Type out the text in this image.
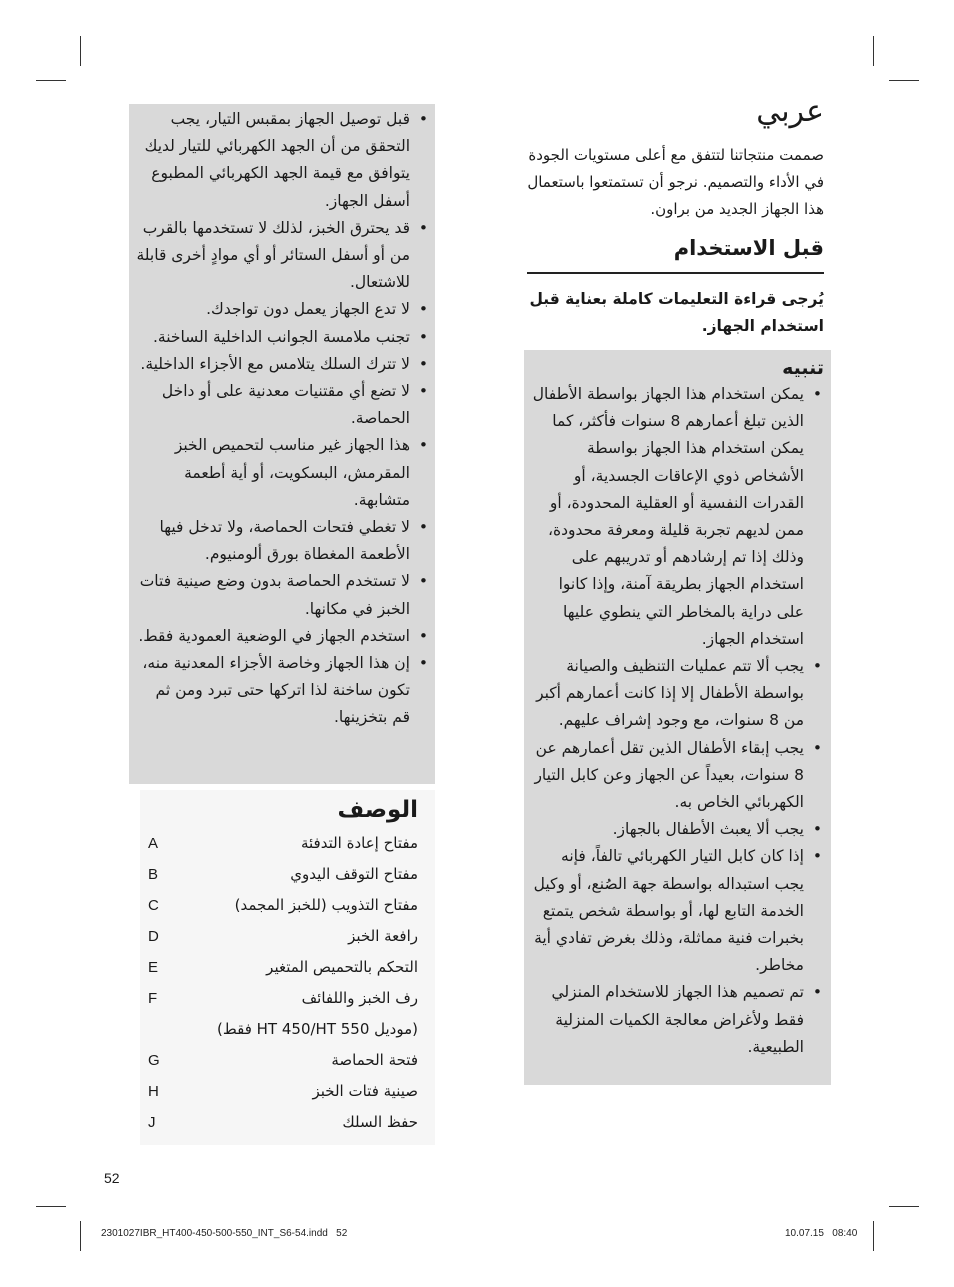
• قبل توصيل الجهاز بمقبس التيار، يجب التحقق من أن الجهد الكهربائي للتيار لديك يتوافق مع قيمة الجهد الكهربائي المطبوع أسفل الجهاز.
• قد يحترق الخبز، لذلك لا تستخدمها بالقرب من أو أسفل الستائر أو أي موادٍ أخرى قابلة للاشتعال.
• لا تدع الجهاز يعمل دون تواجدك.
• تجنب ملامسة الجوانب الداخلية الساخنة.
• لا تترك السلك يتلامس مع الأجزاء الداخلية.
• لا تضع أي مقتنيات معدنية على أو داخل الحماصة.
• هذا الجهاز غير مناسب لتحميص الخبز المقرمش، البسكويت، أو أية أطعمة متشابهة.
• لا تغطي فتحات الحماصة، ولا تدخل فيها الأطعمة المغطاة بورق ألومنيوم.
• لا تستخدم الحماصة بدون وضع صينية فتات الخبز في مكانها.
• استخدم الجهاز في الوضعية العمودية فقط.
• إن هذا الجهاز وخاصة الأجزاء المعدنية منه، تكون ساخنة لذا اتركها حتى تبرد ومن ثم قم بتخزينها.
الوصف
مفتاح إعادة التدفئة
A
مفتاح التوقف اليدوي
B
مفتاح التذويب (للخبز المجمد)
C
رافعة الخبز
D
التحكم بالتحميص المتغير
E
رف الخبز واللفائف
F
(موديل HT 450/HT 550 فقط)
فتحة الحماصة
G
صينية فتات الخبز
H
حفظ السلك
J
عربي
صممت منتجاتنا لتتفق مع أعلى مستويات الجودة في الأداء والتصميم. نرجو أن تستمتعوا باستعمال هذا الجهاز الجديد من براون.
قبل الاستخدام
يُرجى قراءة التعليمات كاملة بعناية قبل استخدام الجهاز.
تنبيه
• يمكن استخدام هذا الجهاز بواسطة الأطفال الذين تبلغ أعمارهم 8 سنوات فأكثر، كما يمكن استخدام هذا الجهاز بواسطة الأشخاص ذوي الإعاقات الجسدية، أو القدرات النفسية أو العقلية المحدودة، أو ممن لديهم تجربة قليلة ومعرفة محدودة، وذلك إذا تم إرشادهم أو تدريبهم على استخدام الجهاز بطريقة آمنة، وإذا كانوا على دراية بالمخاطر التي ينطوي عليها استخدام الجهاز.
• يجب ألا تتم عمليات التنظيف والصيانة بواسطة الأطفال إلا إذا كانت أعمارهم أكبر من 8 سنوات، مع وجود إشراف عليهم.
• يجب إبقاء الأطفال الذين تقل أعمارهم عن 8 سنوات، بعيداً عن الجهاز وعن كابل التيار الكهربائي الخاص به.
• يجب ألا يعبث الأطفال بالجهاز.
• إذا كان كابل التيار الكهربائي تالفاً، فإنه يجب استبداله بواسطة جهة الصُنع، أو وكيل الخدمة التابع لها، أو بواسطة شخص يتمتع بخبرات فنية مماثلة، وذلك بغرض تفادي أية مخاطر.
• تم تصميم هذا الجهاز للاستخدام المنزلي فقط ولأغراض معالجة الكميات المنزلية الطبيعية.
52
2301027IBR_HT400-450-500-550_INT_S6-54.indd   52	10.07.15   08:40
